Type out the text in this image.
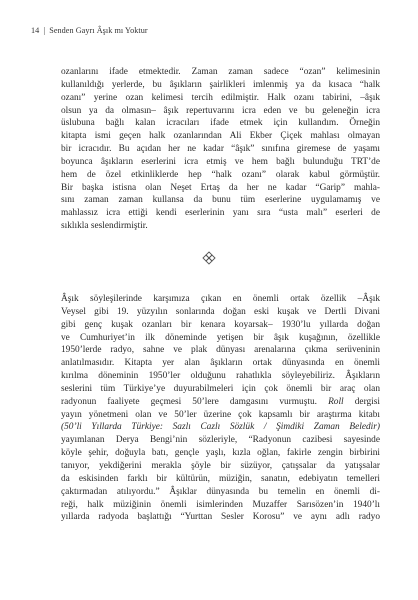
14 | Senden Gayrı Âşık mı Yoktur
ozanlarını ifade etmektedir. Zaman zaman sadece “ozan” kelimesinin
kullanıldığı yerlerde, bu âşıkların şairlikleri imlenmiş ya da kısaca “halk
ozanı” yerine ozan kelimesi tercih edilmiştir. Halk ozanı tabirini, –âşık
olsun ya da olmasın– âşık repertuvarını icra eden ve bu geleneğin icra
üslubuna bağlı kalan icracıları ifade etmek için kullandım. Örneğin
kitapta ismi geçen halk ozanlarından Ali Ekber Çiçek mahlası olmayan
bir icracıdır. Bu açıdan her ne kadar “âşık” sınıfına giremese de yaşamı
boyunca âşıkların eserlerini icra etmiş ve hem bağlı bulunduğu TRT’de
hem de özel etkinliklerde hep “halk ozanı” olarak kabul görmüştür.
Bir başka istisna olan Neşet Ertaş da her ne kadar “Garip” mahla-
sını zaman zaman kullansa da bunu tüm eserlerine uygulamamış ve
mahlassız icra ettiği kendi eserlerinin yanı sıra “usta malı” eserleri de
sıklıkla seslendirmiştir.
Âşık söyleşilerinde karşımıza çıkan en önemli ortak özellik –Âşık
Veysel gibi 19. yüzyılın sonlarında doğan eski kuşak ve Dertli Divani
gibi genç kuşak ozanları bir kenara koyarsak– 1930’lu yıllarda doğan
ve Cumhuriyet’in ilk döneminde yetişen bir âşık kuşağının, özellikle
1950’lerde radyo, sahne ve plak dünyası arenalarına çıkma serüveninin
anlatılmasıdır. Kitapta yer alan âşıkların ortak dünyasında en önemli
kırılma döneminin 1950’ler olduğunu rahatlıkla söyleyebiliriz. Âşıkların
seslerini tüm Türkiye’ye duyurabilmeleri için çok önemli bir araç olan
radyonun faaliyete geçmesi 50’lere damgasını vurmuştu. Roll dergisi
yayın yönetmeni olan ve 50’ler üzerine çok kapsamlı bir araştırma kitabı
(50’li Yıllarda Türkiye: Sazlı Cazlı Sözlük / Şimdiki Zaman Beledir)
yayımlanan Derya Bengi’nin sözleriyle, “Radyonun cazibesi sayesinde
köyle şehir, doğuyla batı, gençle yaşlı, kızla oğlan, fakirle zengin birbirini
tanıyor, yekdiğerini merakla şöyle bir süzüyor, çatışsalar da yatışsalar
da eskisinden farklı bir kültürün, müziğin, sanatın, edebiyatın temelleri
çaktırmadan atılıyordu.” Âşıklar dünyasında bu temelin en önemli di-
reği, halk müziğinin önemli isimlerinden Muzaffer Sarısözen’in 1940’lı
yıllarda radyoda başlattığı “Yurttan Sesler Korosu” ve aynı adlı radyo
